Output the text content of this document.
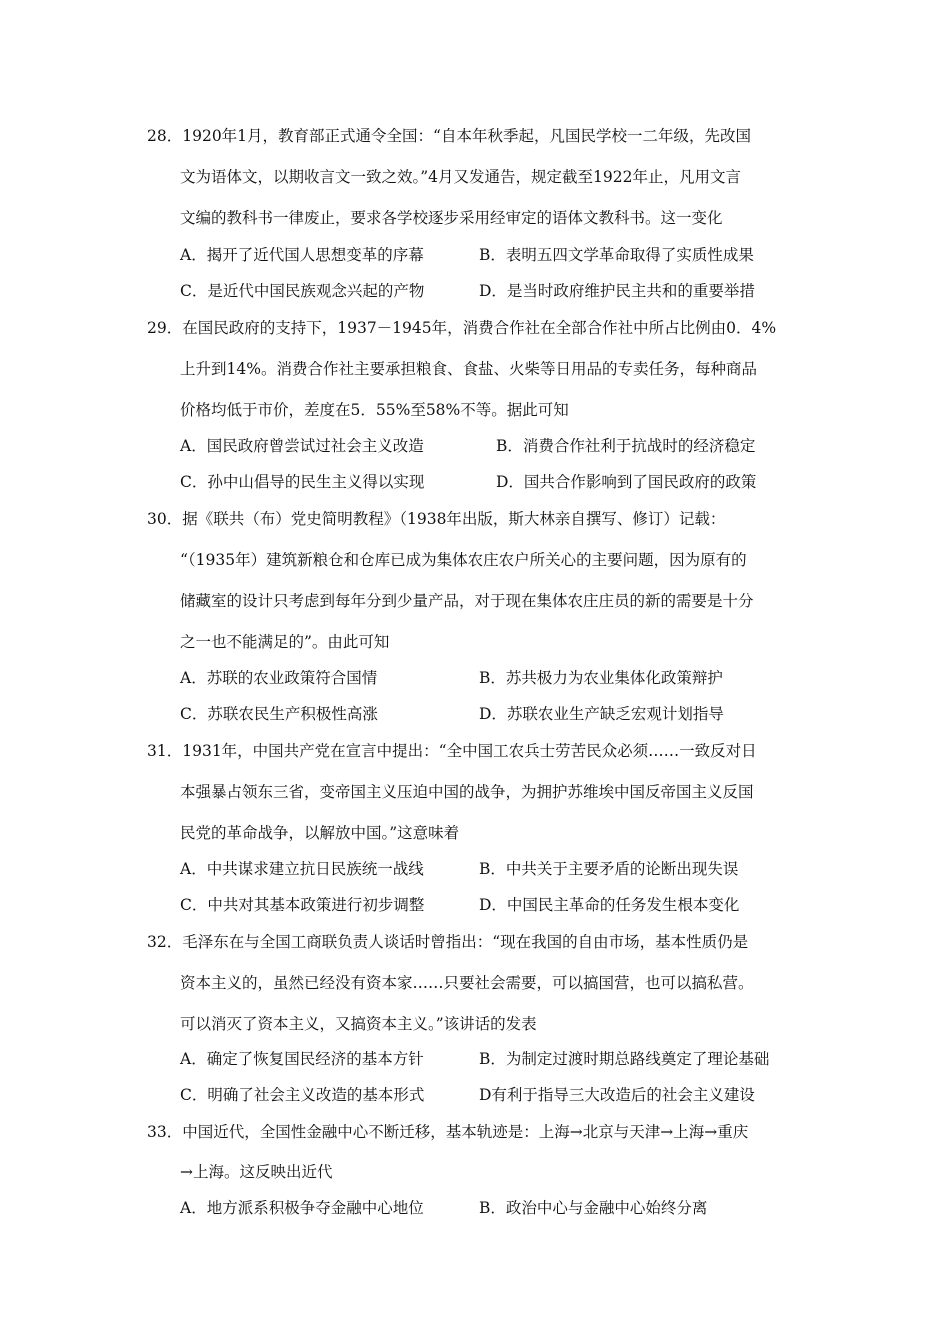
28．1920年1月，教育部正式通令全国：“自本年秋季起，凡国民学校一二年级，先改国
文为语体文，以期收言文一致之效。”4月又发通告，规定截至1922年止，凡用文言
文编的教科书一律废止，要求各学校逐步采用经审定的语体文教科书。这一变化
A．揭开了近代国人思想变革的序幕	B．表明五四文学革命取得了实质性成果
C．是近代中国民族观念兴起的产物	D．是当时政府维护民主共和的重要举措
29．在国民政府的支持下，1937－1945年，消费合作社在全部合作社中所占比例由0．4%
上升到14%。消费合作社主要承担粮食、食盐、火柴等日用品的专卖任务，每种商品
价格均低于市价，差度在5．55%至58%不等。据此可知
A．国民政府曾尝试过社会主义改造	B．消费合作社利于抗战时的经济稳定
C．孙中山倡导的民生主义得以实现	D．国共合作影响到了国民政府的政策
30．据《联共（布）党史简明教程》（1938年出版，斯大林亲自撰写、修订）记载：
“（1935年）建筑新粮仓和仓库已成为集体农庄农户所关心的主要问题，因为原有的
储藏室的设计只考虑到每年分到少量产品，对于现在集体农庄庄员的新的需要是十分
之一也不能满足的”。由此可知
A．苏联的农业政策符合国情	B．苏共极力为农业集体化政策辩护
C．苏联农民生产积极性高涨	D．苏联农业生产缺乏宏观计划指导
31．1931年，中国共产党在宣言中提出：“全中国工农兵士劳苦民众必须……一致反对日
本强暴占领东三省，变帝国主义压迫中国的战争，为拥护苏维埃中国反帝国主义反国
民党的革命战争，以解放中国。”这意味着
A．中共谋求建立抗日民族统一战线	B．中共关于主要矛盾的论断出现失误
C．中共对其基本政策进行初步调整	D．中国民主革命的任务发生根本变化
32．毛泽东在与全国工商联负责人谈话时曾指出：“现在我国的自由市场，基本性质仍是
资本主义的，虽然已经没有资本家……只要社会需要，可以搞国营，也可以搞私营。
可以消灭了资本主义，又搞资本主义。”该讲话的发表
A．确定了恢复国民经济的基本方针	B．为制定过渡时期总路线奠定了理论基础
C．明确了社会主义改造的基本形式	D有利于指导三大改造后的社会主义建设
33．中国近代，全国性金融中心不断迁移，基本轨迹是：上海→北京与天津→上海→重庆
→上海。这反映出近代
A．地方派系积极争夺金融中心地位	B．政治中心与金融中心始终分离
